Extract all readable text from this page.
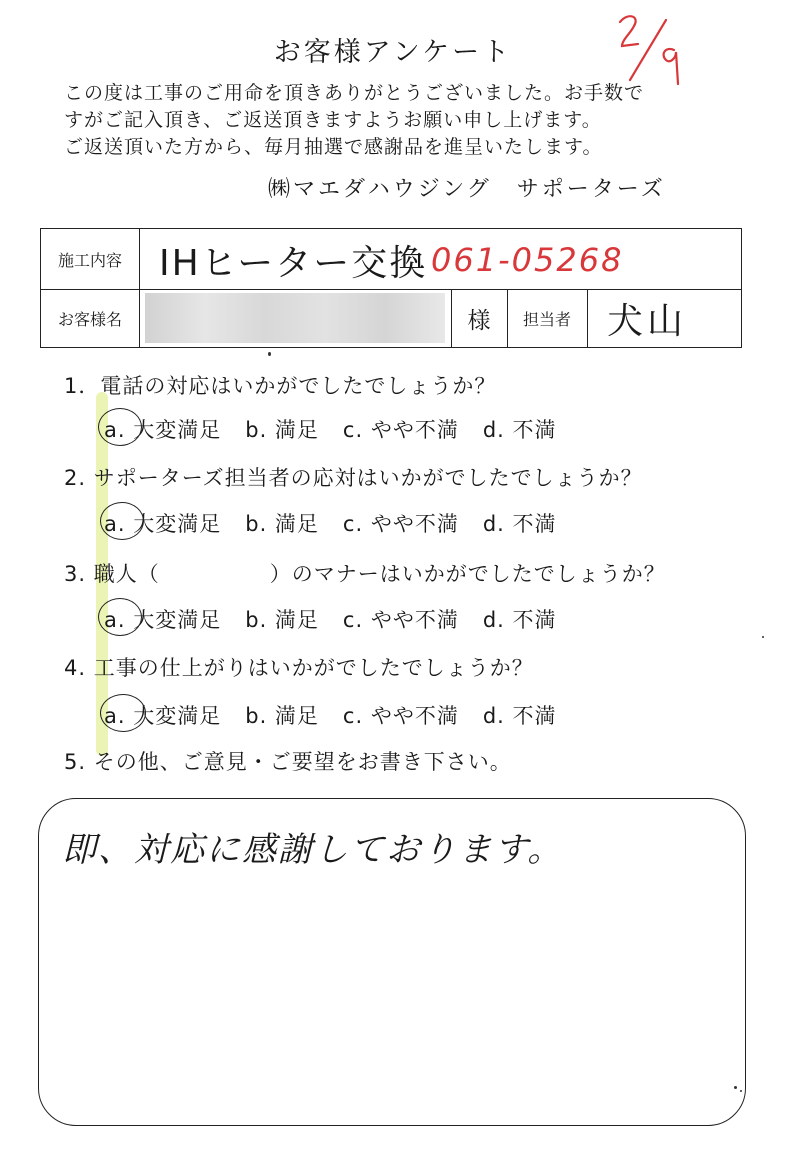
お客様アンケート
この度は工事のご用命を頂きありがとうございました。お手数で
すがご記入頂き、ご返送頂きますようお願い申し上げます。
ご返送頂いた方から、毎月抽選で感謝品を進呈いたします。
㈱マエダハウジング　サポーターズ
施工内容	IHヒーター交換 061-05268
お客様名	様	担当者	犬山
1．電話の対応はいかがでしたでしょうか？
a. 大変満足 b. 満足 c. やや不満 d. 不満
2. サポーターズ担当者の応対はいかがでしたでしょうか？
a. 大変満足 b. 満足 c. やや不満 d. 不満
3. 職人（　　　　　）のマナーはいかがでしたでしょうか？
a. 大変満足 b. 満足 c. やや不満 d. 不満
4. 工事の仕上がりはいかがでしたでしょうか？
a. 大変満足 b. 満足 c. やや不満 d. 不満
5. その他、ご意見・ご要望をお書き下さい。
即、対応に感謝しております。
